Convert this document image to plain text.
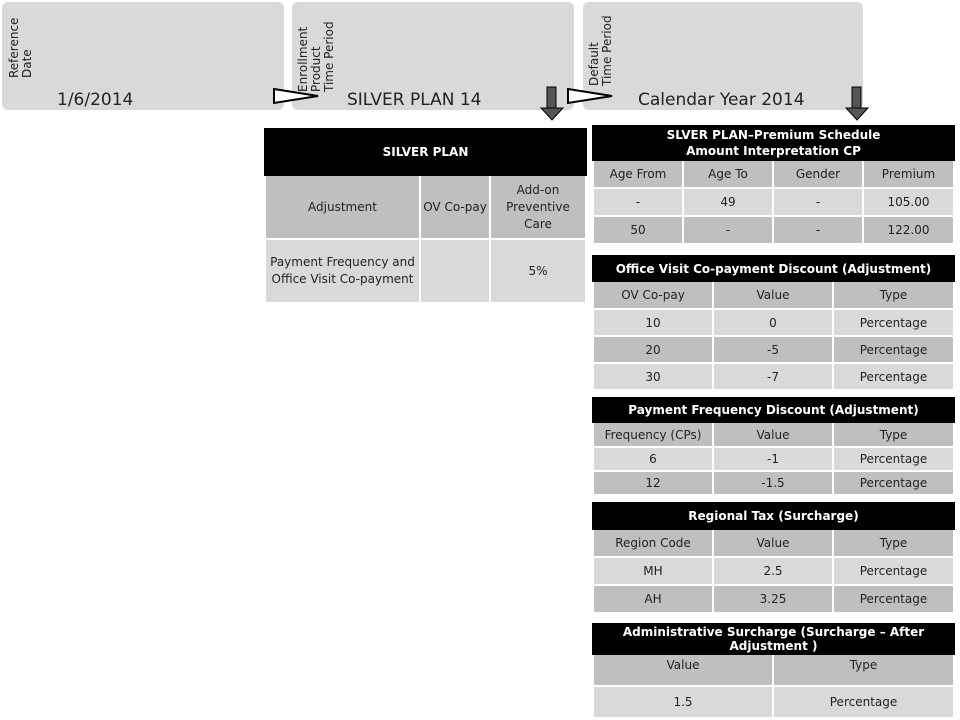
Reference
Date
1/6/2014
Enrollment
Product
Time Period
SILVER PLAN 14
Default
Time Period
Calendar Year 2014
SILVER PLAN		
Adjustment	OV Co-pay	Add-on Preventive Care
Payment Frequency and Office Visit Co-payment		5%
SLVER PLAN–Premium Schedule
Amount Interpretation CP			
Age From	Age To	Gender	Premium
-	49	-	105.00
50	-	-	122.00
Office Visit Co-payment Discount (Adjustment)		
OV Co-pay	Value	Type
10	0	Percentage
20	-5	Percentage
30	-7	Percentage
Payment Frequency Discount (Adjustment)		
Frequency (CPs)	Value	Type
6	-1	Percentage
12	-1.5	Percentage
Regional Tax (Surcharge)		
Region Code	Value	Type
MH	2.5	Percentage
AH	3.25	Percentage
Administrative Surcharge (Surcharge – After Adjustment )	
Value	Type
1.5	Percentage
